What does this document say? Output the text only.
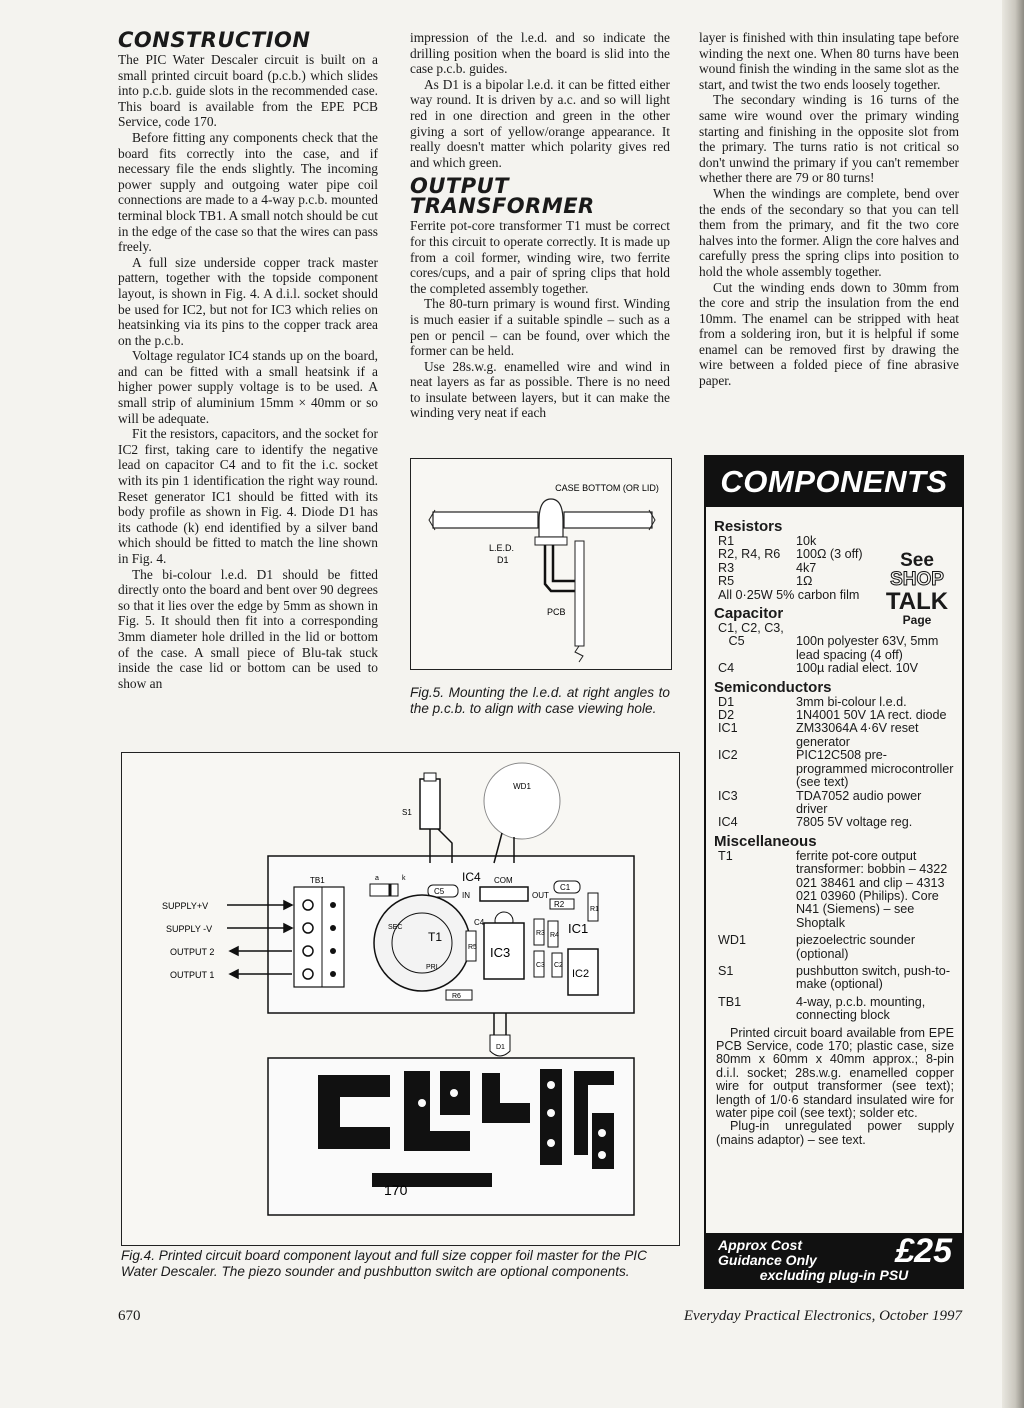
CONSTRUCTION

The PIC Water Descaler circuit is built on a small printed circuit board (p.c.b.) which slides into p.c.b. guide slots in the recommended case. This board is available from the EPE PCB Service, code 170.

Before fitting any components check that the board fits correctly into the case, and if necessary file the ends slightly. The incoming power supply and outgoing water pipe coil connections are made to a 4-way p.c.b. mounted terminal block TB1. A small notch should be cut in the edge of the case so that the wires can pass freely.

A full size underside copper track master pattern, together with the topside component layout, is shown in Fig. 4. A d.i.l. socket should be used for IC2, but not for IC3 which relies on heatsinking via its pins to the copper track area on the p.c.b.

Voltage regulator IC4 stands up on the board, and can be fitted with a small heatsink if a higher power supply voltage is to be used. A small strip of aluminium 15mm × 40mm or so will be adequate.

Fit the resistors, capacitors, and the socket for IC2 first, taking care to identify the negative lead on capacitor C4 and to fit the i.c. socket with its pin 1 identification the right way round. Reset generator IC1 should be fitted with its body profile as shown in Fig. 4. Diode D1 has its cathode (k) end identified by a silver band which should be fitted to match the line shown in Fig. 4.

The bi-colour l.e.d. D1 should be fitted directly onto the board and bent over 90 degrees so that it lies over the edge by 5mm as shown in Fig. 5. It should then fit into a corresponding 3mm diameter hole drilled in the lid or bottom of the case. A small piece of Blu-tak stuck inside the case lid or bottom can be used to show an

impression of the l.e.d. and so indicate the drilling position when the board is slid into the case p.c.b. guides.

As D1 is a bipolar l.e.d. it can be fitted either way round. It is driven by a.c. and so will light red in one direction and green in the other giving a sort of yellow/orange appearance. It really doesn't matter which polarity gives red and which green.

OUTPUT TRANSFORMER

Ferrite pot-core transformer T1 must be correct for this circuit to operate correctly. It is made up from a coil former, winding wire, two ferrite cores/cups, and a pair of spring clips that hold the completed assembly together.

The 80-turn primary is wound first. Winding is much easier if a suitable spindle – such as a pen or pencil – can be found, over which the former can be held.

Use 28s.w.g. enamelled wire and wind in neat layers as far as possible. There is no need to insulate between layers, but it can make the winding very neat if each

layer is finished with thin insulating tape before winding the next one. When 80 turns have been wound finish the winding in the same slot as the start, and twist the two ends loosely together.

The secondary winding is 16 turns of the same wire wound over the primary winding starting and finishing in the opposite slot from the primary. The turns ratio is not critical so don't unwind the primary if you can't remember whether there are 79 or 80 turns!

When the windings are complete, bend over the ends of the secondary so that you can tell them from the primary, and fit the two core halves into the former. Align the core halves and carefully press the spring clips into position to hold the whole assembly together.

Cut the winding ends down to 30mm from the core and strip the insulation from the end 10mm. The enamel can be stripped with heat from a soldering iron, but it is helpful if some enamel can be removed first by drawing the wire between a folded piece of fine abrasive paper.

CASE BOTTOM (OR LID)
L.E.D.
D1
PCB
Fig.5. Mounting the l.e.d. at right angles to the p.c.b. to align with case viewing hole.
SUPPLY+V
SUPPLY -V
OUTPUT 2
OUTPUT 1
TB1
S1
WD1
a	k
C5
IC4 COM
IN	OUT
C1
R2
R1
T1
SEC
PRI
C4
R5
R3
C3
R4
IC3
IC1
C2
IC2
R6
D1
170
Fig.4. Printed circuit board component layout and full size copper foil master for the PIC Water Descaler. The piezo sounder and pushbutton switch are optional components.
COMPONENTS
See
SHOP
TALK
Page
Resistors
R1	10k
R2, R4, R6	100Ω (3 off)
R3	4k7
R5	1Ω
All 0·25W 5% carbon film
Capacitor
C1, C2, C3,
C5	100n polyester 63V, 5mm lead spacing (4 off)
C4	100µ radial elect. 10V
Semiconductors
D1	3mm bi-colour l.e.d.
D2	1N4001 50V 1A rect. diode
IC1	ZM33064A 4·6V reset generator
IC2	PIC12C508 pre-programmed microcontroller (see text)
IC3	TDA7052 audio power driver
IC4	7805 5V voltage reg.
Miscellaneous
T1	ferrite pot-core output transformer: bobbin – 4322 021 38461 and clip – 4313 021 03960 (Philips). Core N41 (Siemens) – see Shoptalk
WD1	piezoelectric sounder (optional)
S1	pushbutton switch, push-to-make (optional)
TB1	4-way, p.c.b. mounting, connecting block
Printed circuit board available from EPE PCB Service, code 170; plastic case, size 80mm x 60mm x 40mm approx.; 8-pin d.i.l. socket; 28s.w.g. enamelled copper wire for output transformer (see text); length of 1/0·6 standard insulated wire for water pipe coil (see text); solder etc.
Plug-in unregulated power supply (mains adaptor) – see text.
Approx Cost
Guidance Only £25
excluding plug-in PSU
670	Everyday Practical Electronics, October 1997
